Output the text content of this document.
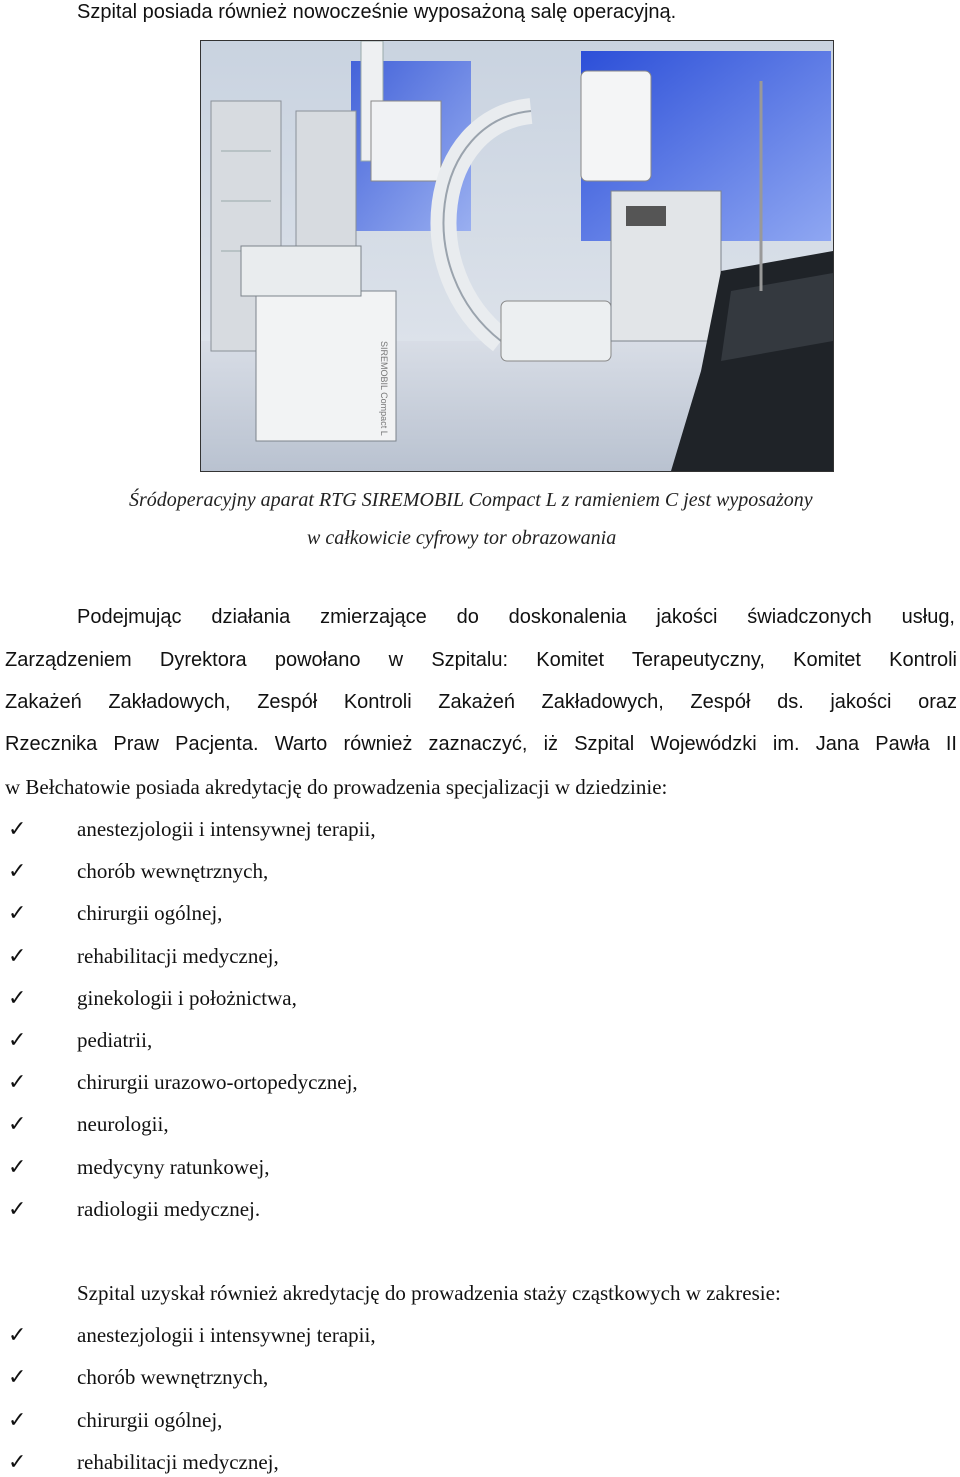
Szpital posiada również nowocześnie wyposażoną salę operacyjną.
SIREMOBIL Compact L
Śródoperacyjny aparat RTG SIREMOBIL Compact L z ramieniem C jest wyposażony
w całkowicie cyfrowy tor obrazowania
Podejmując działania zmierzające do doskonalenia jakości świadczonych usług,
Zarządzeniem Dyrektora powołano w Szpitalu: Komitet Terapeutyczny, Komitet Kontroli
Zakażeń Zakładowych, Zespół Kontroli Zakażeń Zakładowych, Zespół ds. jakości oraz
Rzecznika Praw Pacjenta. Warto również zaznaczyć, iż Szpital Wojewódzki im. Jana Pawła II
w Bełchatowie posiada akredytację do prowadzenia specjalizacji w dziedzinie:
✓ anestezjologii i intensywnej terapii,
✓ chorób wewnętrznych,
✓ chirurgii ogólnej,
✓ rehabilitacji medycznej,
✓ ginekologii i położnictwa,
✓ pediatrii,
✓ chirurgii urazowo-ortopedycznej,
✓ neurologii,
✓ medycyny ratunkowej,
✓ radiologii medycznej.
Szpital uzyskał również akredytację do prowadzenia staży cząstkowych w zakresie:
✓ anestezjologii i intensywnej terapii,
✓ chorób wewnętrznych,
✓ chirurgii ogólnej,
✓ rehabilitacji medycznej,
